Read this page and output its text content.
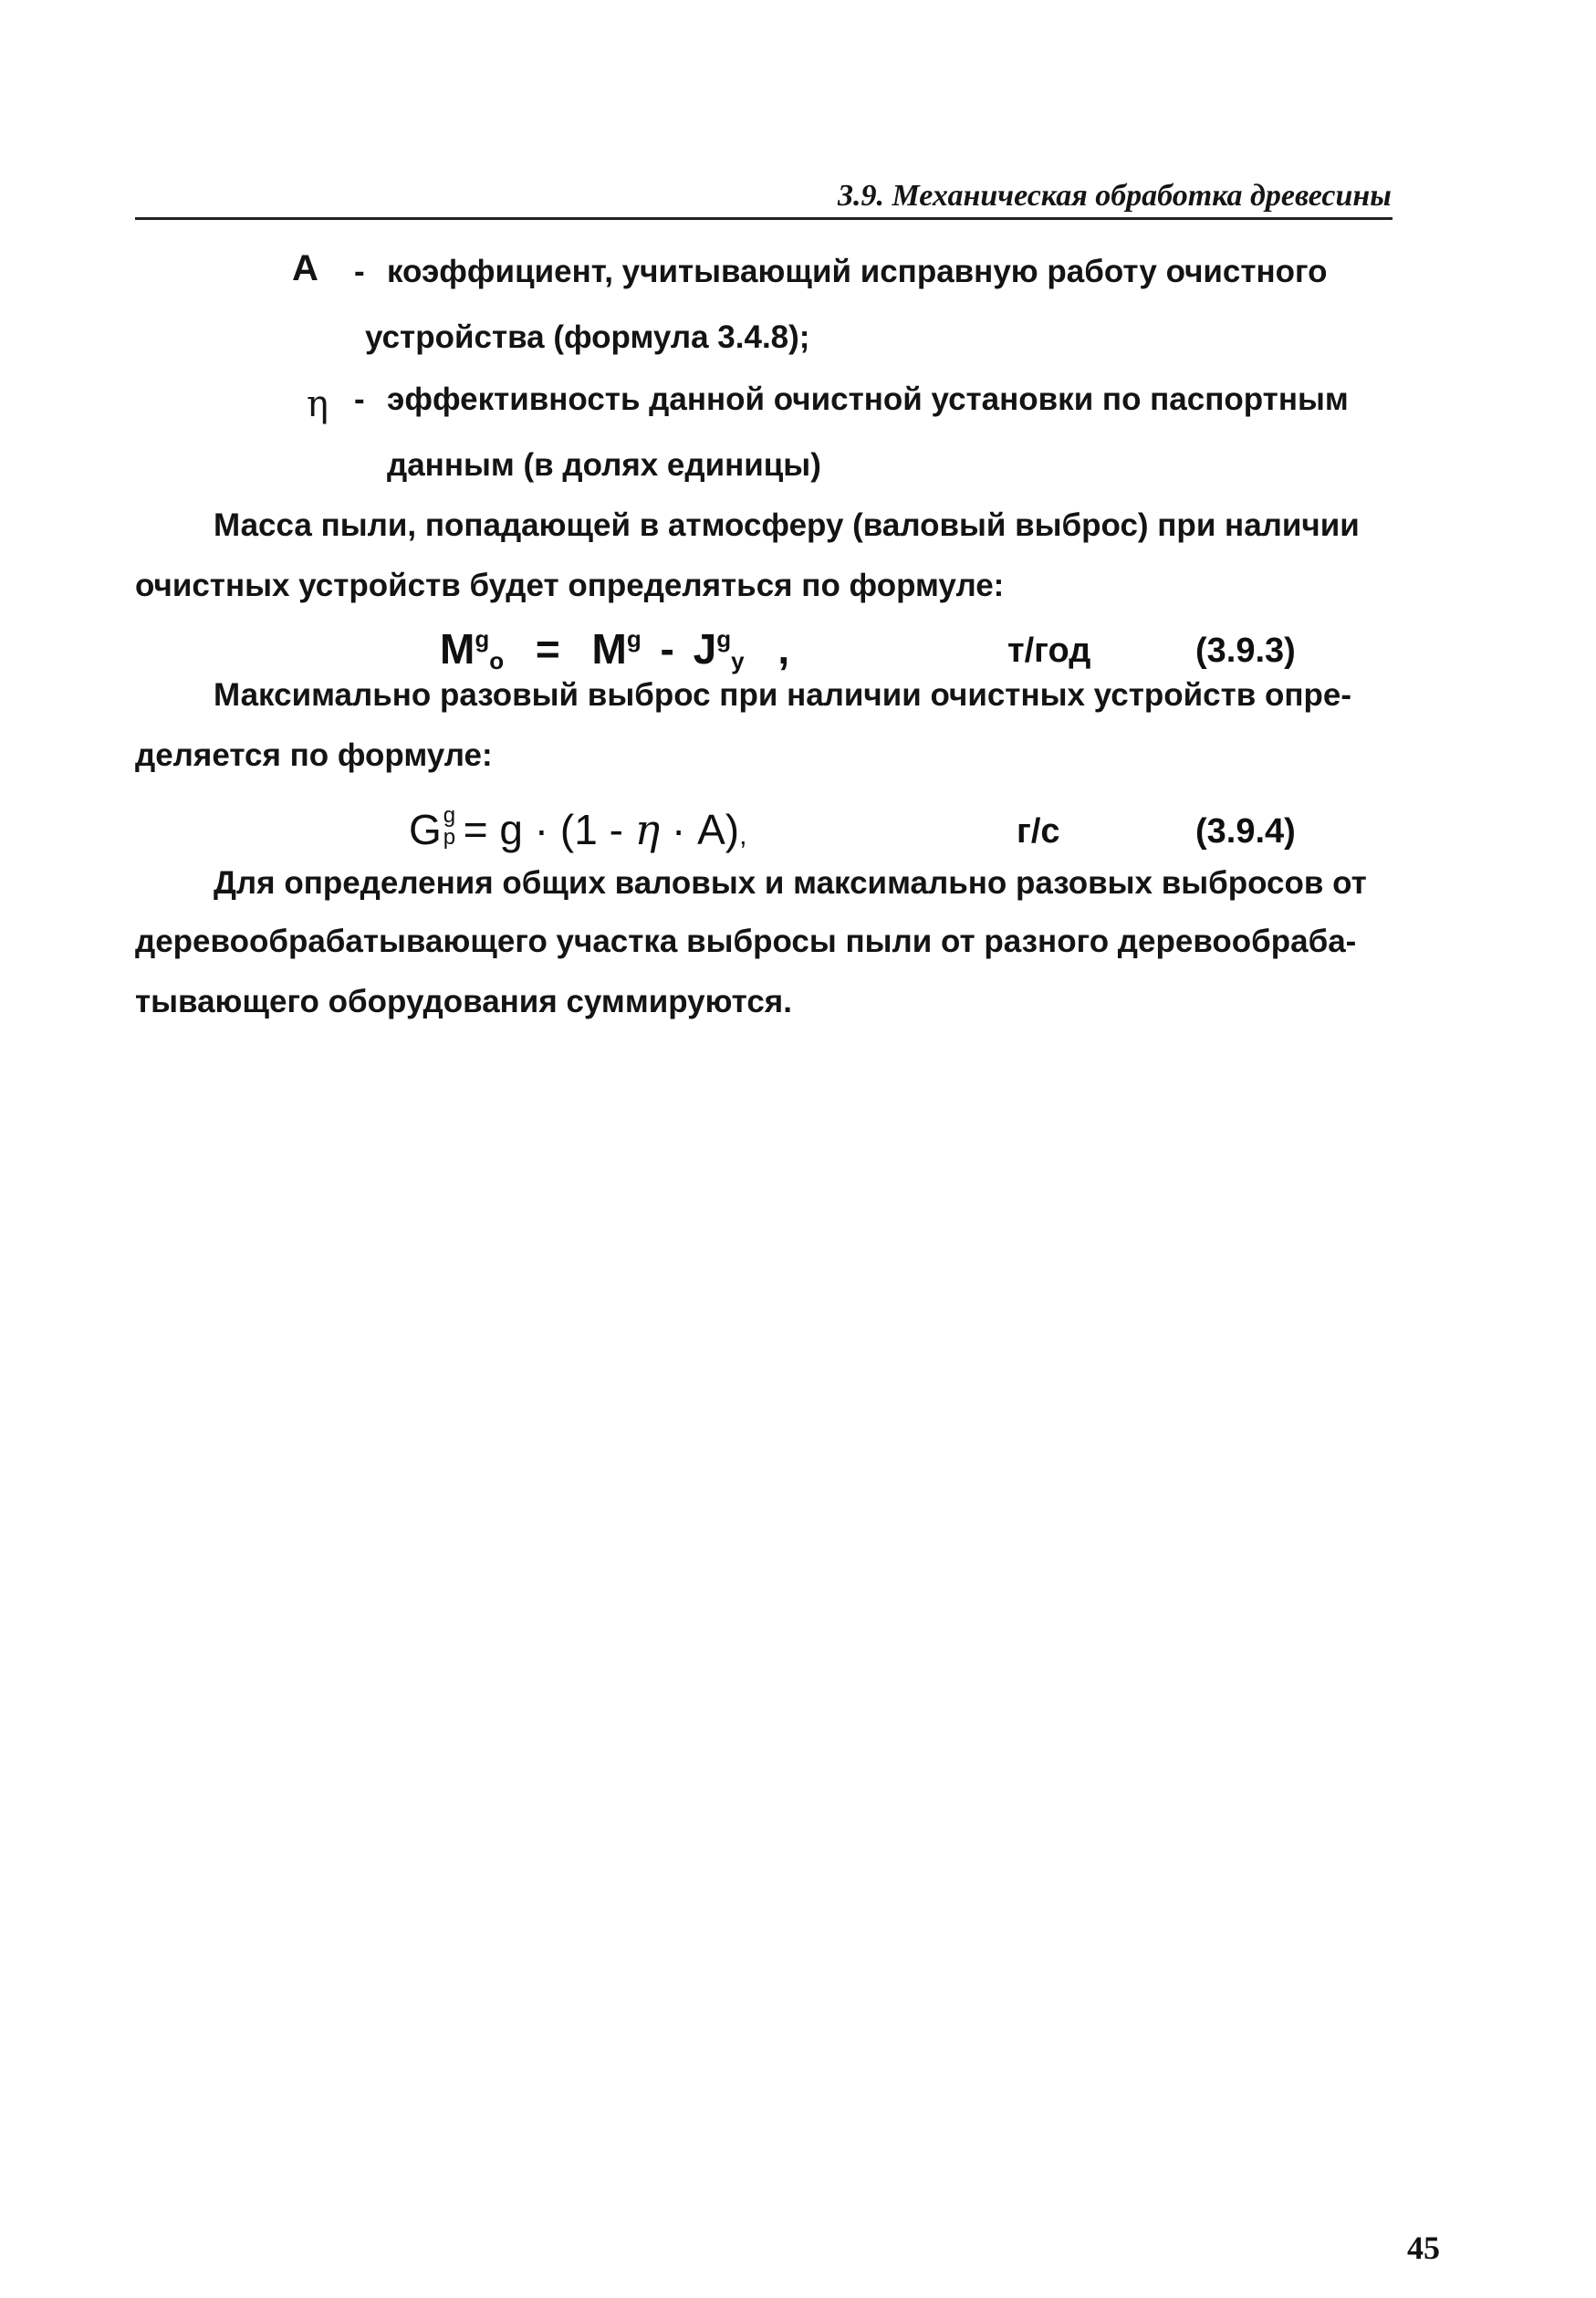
3.9. Механическая обработка древесины
А - коэффициент, учитывающий исправную работу очистного
устройства (формула 3.4.8);
η - эффективность данной очистной установки по паспортным
данным (в долях единицы)
Масса пыли, попадающей в атмосферу (валовый выброс) при наличии
очистных устройств будет определяться по формуле:
$M^g_o = M^g - J^g_y$ ,	т/год	(3.9.3)
Максимально разовый выброс при наличии очистных устройств опре-
деляется по формуле:
G g
p = g · (1 - η · A),	г/с	(3.9.4)
Для определения общих валовых и максимально разовых выбросов от
деревообрабатывающего участка выбросы пыли от разного деревообраба-
тывающего оборудования суммируются.
45
